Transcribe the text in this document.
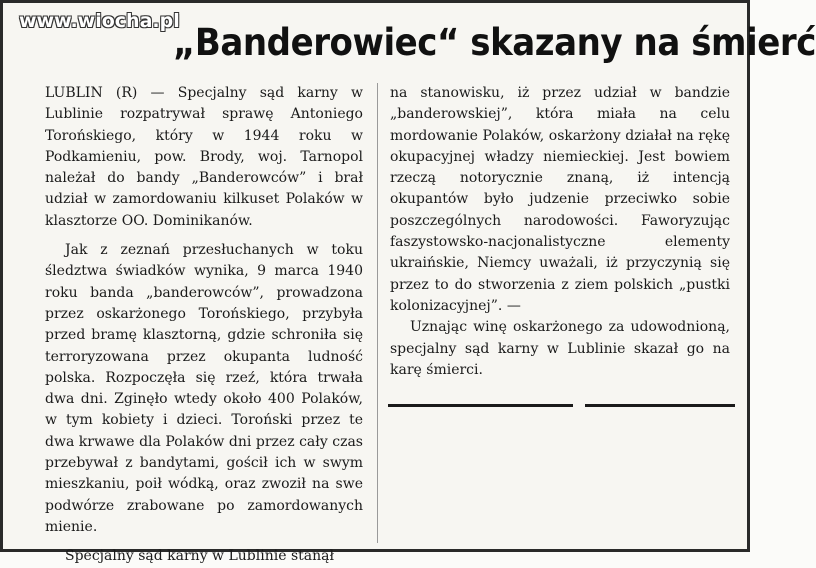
www.wiocha.pl
„Banderowiec“ skazany na śmierć

LUBLIN (R) — Specjalny sąd karny w Lublinie rozpatrywał sprawę Antoniego Torońskiego, który w 1944 roku w Podkamieniu, pow. Brody, woj. Tarnopol należał do bandy „Banderowców” i brał udział w zamordowaniu kilkuset Polaków w klasztorze OO. Dominikanów.

Jak z zeznań przesłuchanych w toku śledztwa świadków wynika, 9 marca 1940 roku banda „banderowców”, prowadzona przez oskarżonego Torońskiego, przybyła przed bramę klasztorną, gdzie schroniła się terroryzowana przez okupanta ludność polska. Rozpoczęła się rzeź, która trwała dwa dni. Zginęło wtedy około 400 Polaków, w tym kobiety i dzieci. Toroński przez te dwa krwawe dla Polaków dni przez cały czas przebywał z bandytami, gościł ich w swym mieszkaniu, poił wódką, oraz zwoził na swe podwórze zrabowane po zamordowanych mienie.

Specjalny sąd karny w Lublinie stanął

na stanowisku, iż przez udział w bandzie „banderowskiej”, która miała na celu mordowanie Polaków, oskarżony działał na rękę okupacyjnej władzy niemieckiej. Jest bowiem rzeczą notorycznie znaną, iż intencją okupantów było judzenie przeciwko sobie poszczególnych narodowości. Faworyzując faszystowsko-nacjonalistyczne elementy ukraińskie, Niemcy uważali, iż przyczynią się przez to do stworzenia z ziem polskich „pustki kolonizacyjnej”. —

Uznając winę oskarżonego za udowodnioną, specjalny sąd karny w Lublinie skazał go na karę śmierci.
